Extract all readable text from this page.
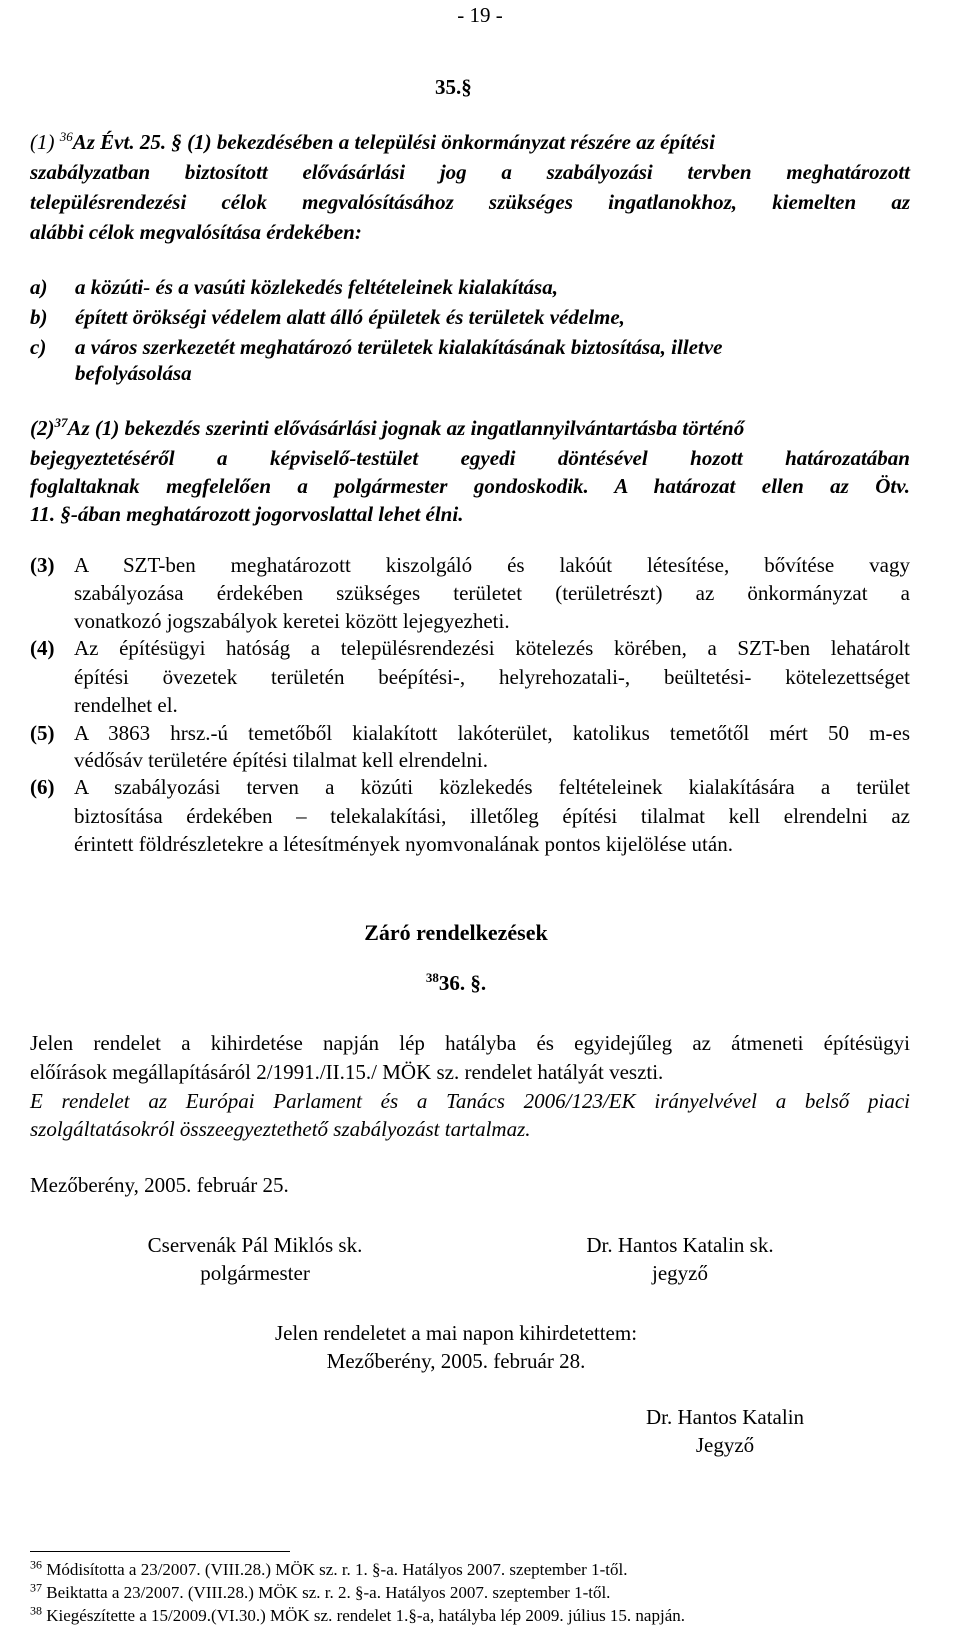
- 19 -
35.§
(1) $^{36}$Az Évt. 25. § (1) bekezdésében a települési önkormányzat részére az építési
szabályzatban biztosított elővásárlási jog a szabályozási tervben meghatározott
településrendezési célok megvalósításához szükséges ingatlanokhoz, kiemelten az
alábbi célok megvalósítása érdekében:
a) a közúti- és a vasúti közlekedés feltételeinek kialakítása,
b) épített örökségi védelem alatt álló épületek és területek védelme,
c) a város szerkezetét meghatározó területek kialakításának biztosítása, illetve
befolyásolása
$(2)^{37}Az$ (1) bekezdés szerinti elővásárlási jognak az ingatlannyilvántartásba történő
bejegyeztetéséről a képviselő-testület egyedi döntésével hozott határozatában
foglaltaknak megfelelően a polgármester gondoskodik. A határozat ellen az Ötv.
11. §-ában meghatározott jogorvoslattal lehet élni.
(3) A SZT-ben meghatározott kiszolgáló és lakóút létesítése, bővítése vagy
szabályozása érdekében szükséges területet (területrészt) az önkormányzat a
vonatkozó jogszabályok keretei között lejegyezheti.
(4) Az építésügyi hatóság a településrendezési kötelezés körében, a SZT-ben lehatárolt
építési övezetek területén beépítési-, helyrehozatali-, beültetési- kötelezettséget
rendelhet el.
(5) A 3863 hrsz.-ú temetőből kialakított lakóterület, katolikus temetőtől mért 50 m-es
védősáv területére építési tilalmat kell elrendelni.
(6) A szabályozási terven a közúti közlekedés feltételeinek kialakítására a terület
biztosítása érdekében – telekalakítási, illetőleg építési tilalmat kell elrendelni az
érintett földrészletekre a létesítmények nyomvonalának pontos kijelölése után.
Záró rendelkezések
$^{38}$36. §.
Jelen rendelet a kihirdetése napján lép hatályba és egyidejűleg az átmeneti építésügyi
előírások megállapításáról 2/1991./II.15./ MÖK sz. rendelet hatályát veszti.
E rendelet az Európai Parlament és a Tanács 2006/123/EK irányelvével a belső piaci
szolgáltatásokról összeegyeztethető szabályozást tartalmaz.
Mezőberény, 2005. február 25.
Cservenák Pál Miklós sk.
polgármester
Dr. Hantos Katalin sk.
jegyző
Jelen rendeletet a mai napon kihirdetettem:
Mezőberény, 2005. február 28.
Dr. Hantos Katalin
Jegyző
$^{36}$ Módisította a 23/2007. (VIII.28.) MÖK sz. r. 1. §-a. Hatályos 2007. szeptember 1-től.
$^{37}$ Beiktatta a 23/2007. (VIII.28.) MÖK sz. r. 2. §-a. Hatályos 2007. szeptember 1-től.
$^{38}$ Kiegészítette a 15/2009.(VI.30.) MÖK sz. rendelet 1.§-a, hatályba lép 2009. július 15. napján.
